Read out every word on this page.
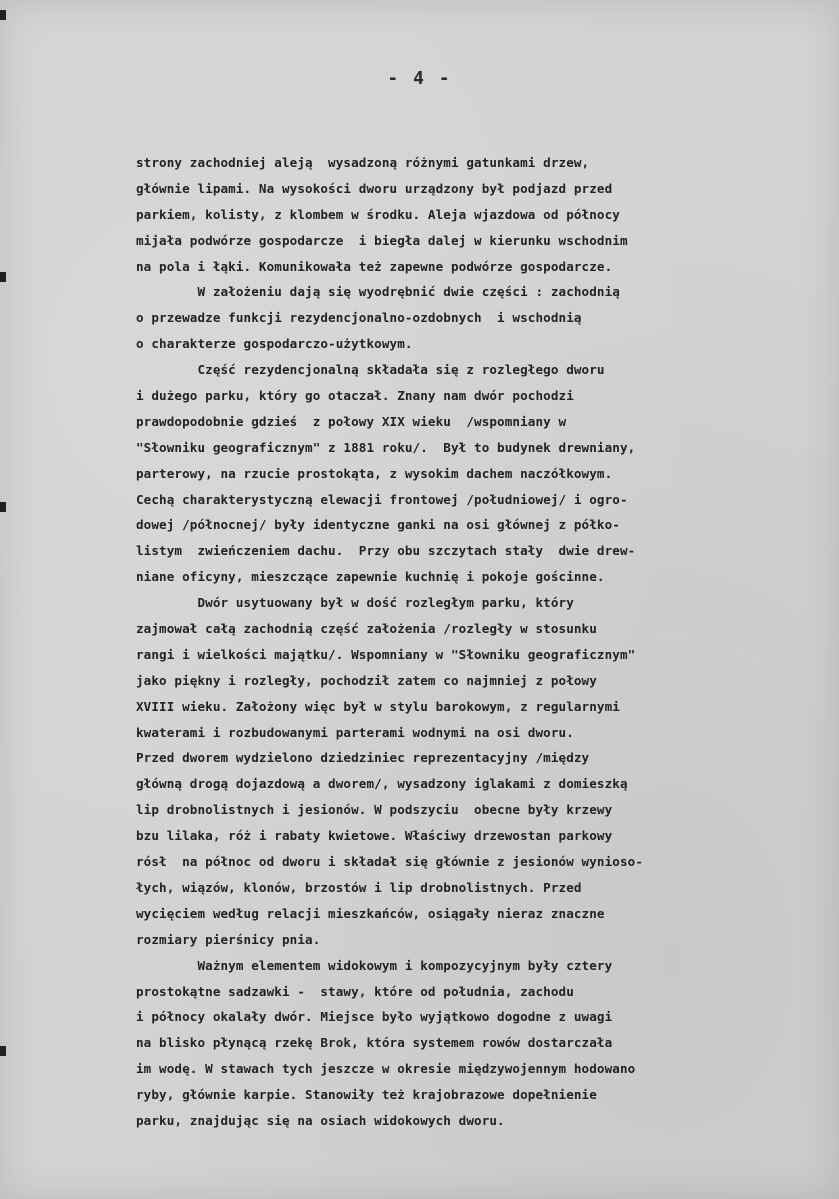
- 4 -
strony zachodniej aleją  wysadzoną różnymi gatunkami drzew,
głównie lipami. Na wysokości dworu urządzony był podjazd przed
parkiem, kolisty, z klombem w środku. Aleja wjazdowa od północy
mijała podwórze gospodarcze  i biegła dalej w kierunku wschodnim
na pola i łąki. Komunikowała też zapewne podwórze gospodarcze.
W założeniu dają się wyodrębnić dwie części : zachodnią
o przewadze funkcji rezydencjonalno-ozdobnych  i wschodnią
o charakterze gospodarczo-użytkowym.
Część rezydencjonalną składała się z rozległego dworu
i dużego parku, który go otaczał. Znany nam dwór pochodzi
prawdopodobnie gdzieś  z połowy XIX wieku  /wspomniany w
"Słowniku geograficznym" z 1881 roku/.  Był to budynek drewniany,
parterowy, na rzucie prostokąta, z wysokim dachem naczółkowym.
Cechą charakterystyczną elewacji frontowej /południowej/ i ogro-
dowej /północnej/ były identyczne ganki na osi głównej z półko-
listym  zwieńczeniem dachu.  Przy obu szczytach stały  dwie drew-
niane oficyny, mieszczące zapewnie kuchnię i pokoje gościnne.
Dwór usytuowany był w dość rozległym parku, który
zajmował całą zachodnią część założenia /rozległy w stosunku
rangi i wielkości majątku/. Wspomniany w "Słowniku geograficznym"
jako piękny i rozległy, pochodził zatem co najmniej z połowy
XVIII wieku. Założony więc był w stylu barokowym, z regularnymi
kwaterami i rozbudowanymi parterami wodnymi na osi dworu.
Przed dworem wydzielono dziedziniec reprezentacyjny /między
główną drogą dojazdową a dworem/, wysadzony iglakami z domieszką
lip drobnolistnych i jesionów. W podszyciu  obecne były krzewy
bzu lilaka, róż i rabaty kwietowe. Właściwy drzewostan parkowy
rósł  na północ od dworu i składał się głównie z jesionów wynioso-
łych, wiązów, klonów, brzostów i lip drobnolistnych. Przed
wycięciem według relacji mieszkańców, osiągały nieraz znaczne
rozmiary pierśnicy pnia.
Ważnym elementem widokowym i kompozycyjnym były cztery
prostokątne sadzawki -  stawy, które od południa, zachodu
i północy okalały dwór. Miejsce było wyjątkowo dogodne z uwagi
na blisko płynącą rzekę Brok, która systemem rowów dostarczała
im wodę. W stawach tych jeszcze w okresie międzywojennym hodowano
ryby, głównie karpie. Stanowiły też krajobrazowe dopełnienie
parku, znajdując się na osiach widokowych dworu.
